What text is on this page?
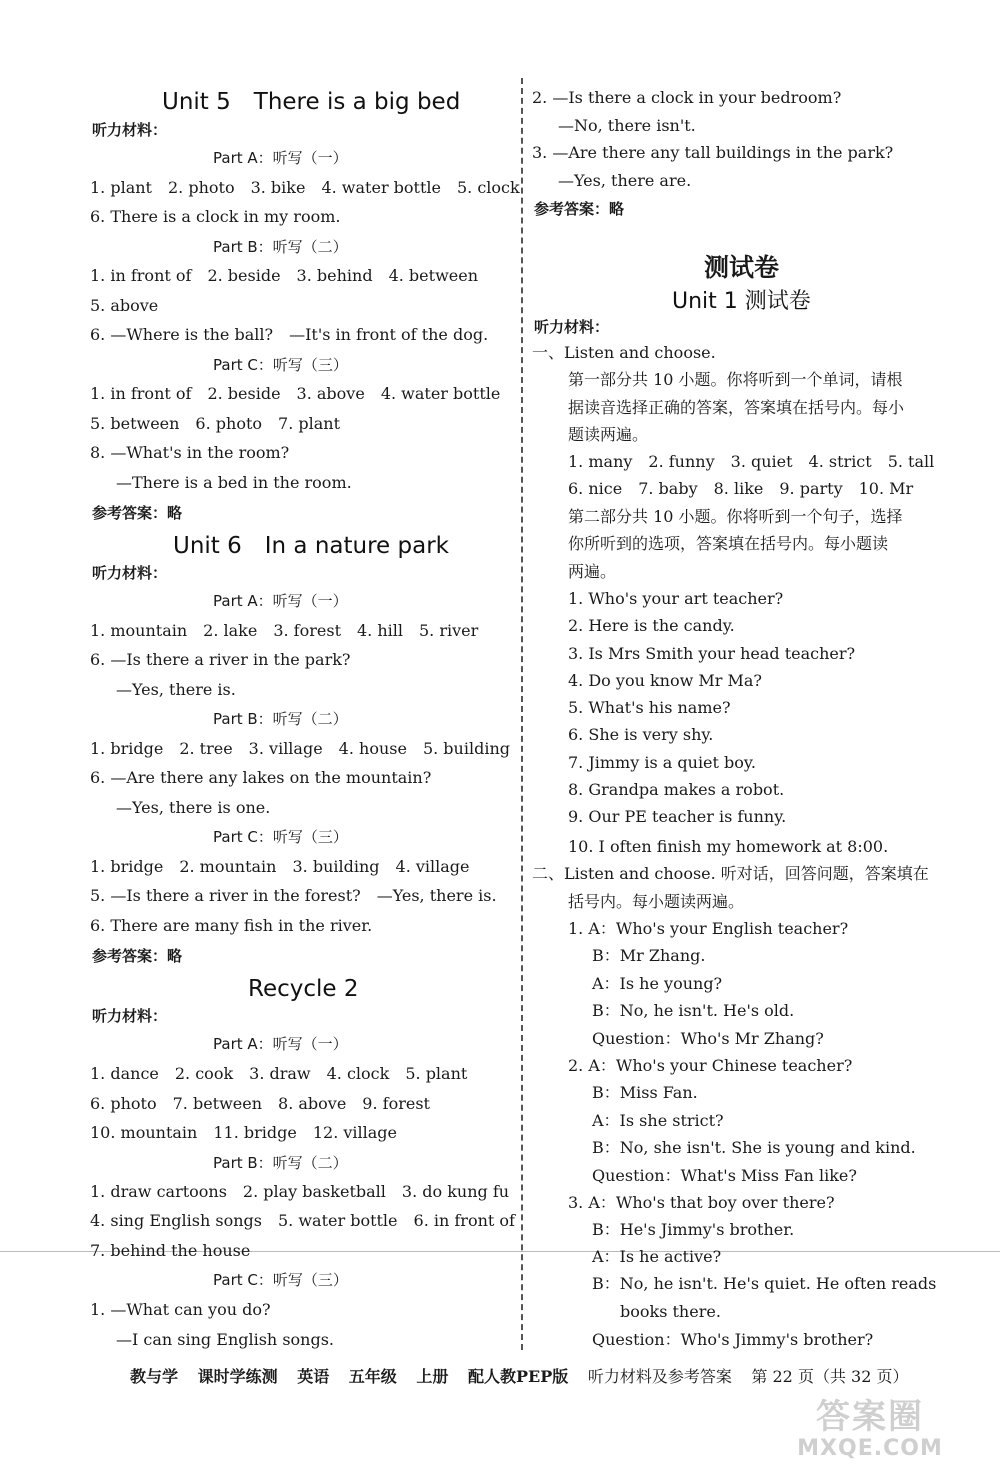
Unit 5　There is a big bed
听力材料：
Part A：听写（一）
1. plant　2. photo　3. bike　4. water bottle　5. clock
6. There is a clock in my room.
Part B：听写（二）
1. in front of　2. beside　3. behind　4. between
5. above
6. —Where is the ball?　—It's in front of the dog.
Part C：听写（三）
1. in front of　2. beside　3. above　4. water bottle
5. between　6. photo　7. plant
8. —What's in the room?
—There is a bed in the room.
参考答案：略
Unit 6　In a nature park
听力材料：
Part A：听写（一）
1. mountain　2. lake　3. forest　4. hill　5. river
6. —Is there a river in the park?
—Yes, there is.
Part B：听写（二）
1. bridge　2. tree　3. village　4. house　5. building
6. —Are there any lakes on the mountain?
—Yes, there is one.
Part C：听写（三）
1. bridge　2. mountain　3. building　4. village
5. —Is there a river in the forest?　—Yes, there is.
6. There are many fish in the river.
参考答案：略
Recycle 2
听力材料：
Part A：听写（一）
1. dance　2. cook　3. draw　4. clock　5. plant
6. photo　7. between　8. above　9. forest
10. mountain　11. bridge　12. village
Part B：听写（二）
1. draw cartoons　2. play basketball　3. do kung fu
4. sing English songs　5. water bottle　6. in front of
7. behind the house
Part C：听写（三）
1. —What can you do?
—I can sing English songs.
2. —Is there a clock in your bedroom?
—No, there isn't.
3. —Are there any tall buildings in the park?
—Yes, there are.
参考答案：略
测试卷
Unit 1 测试卷
听力材料：
一、Listen and choose.
第一部分共 10 小题。你将听到一个单词，请根
据读音选择正确的答案，答案填在括号内。每小
题读两遍。
1. many　2. funny　3. quiet　4. strict　5. tall
6. nice　7. baby　8. like　9. party　10. Mr
第二部分共 10 小题。你将听到一个句子，选择
你所听到的选项，答案填在括号内。每小题读
两遍。
1. Who's your art teacher?
2. Here is the candy.
3. Is Mrs Smith your head teacher?
4. Do you know Mr Ma?
5. What's his name?
6. She is very shy.
7. Jimmy is a quiet boy.
8. Grandpa makes a robot.
9. Our PE teacher is funny.
10. I often finish my homework at 8:00.
二、Listen and choose. 听对话，回答问题，答案填在
括号内。每小题读两遍。
1. A：Who's your English teacher?
B：Mr Zhang.
A：Is he young?
B：No, he isn't. He's old.
Question：Who's Mr Zhang?
2. A：Who's your Chinese teacher?
B：Miss Fan.
A：Is she strict?
B：No, she isn't. She is young and kind.
Question：What's Miss Fan like?
3. A：Who's that boy over there?
B：He's Jimmy's brother.
A：Is he active?
B：No, he isn't. He's quiet. He often reads
books there.
Question：Who's Jimmy's brother?
教与学 课时学练测 英语 五年级 上册 配人教PEP版 听力材料及参考答案 第 22 页（共 32 页）
答案圈
MXQE.COM
